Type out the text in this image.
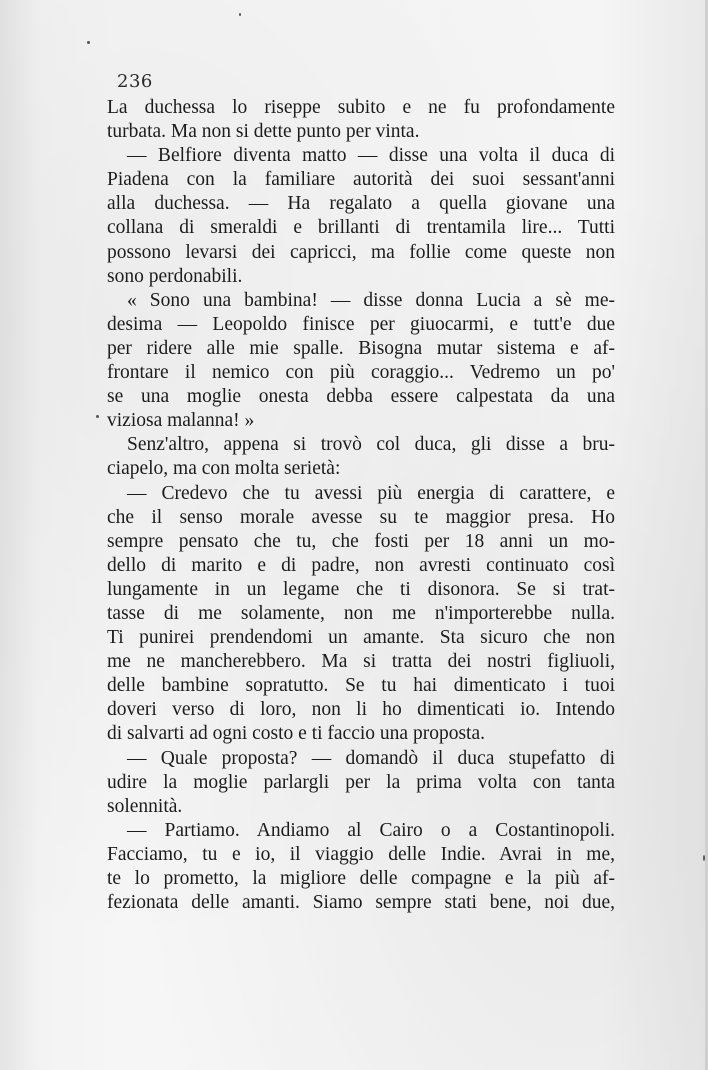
236
La duchessa lo riseppe subito e ne fu profondamente
turbata. Ma non si dette punto per vinta.
— Belfiore diventa matto — disse una volta il duca di
Piadena con la familiare autorità dei suoi sessant'anni
alla duchessa. — Ha regalato a quella giovane una
collana di smeraldi e brillanti di trentamila lire... Tutti
possono levarsi dei capricci, ma follie come queste non
sono perdonabili.
« Sono una bambina! — disse donna Lucia a sè me-
desima — Leopoldo finisce per giuocarmi, e tutt'e due
per ridere alle mie spalle. Bisogna mutar sistema e af-
frontare il nemico con più coraggio... Vedremo un po'
se una moglie onesta debba essere calpestata da una
viziosa malanna! »
Senz'altro, appena si trovò col duca, gli disse a bru-
ciapelo, ma con molta serietà:
— Credevo che tu avessi più energia di carattere, e
che il senso morale avesse su te maggior presa. Ho
sempre pensato che tu, che fosti per 18 anni un mo-
dello di marito e di padre, non avresti continuato così
lungamente in un legame che ti disonora. Se si trat-
tasse di me solamente, non me n'importerebbe nulla.
Ti punirei prendendomi un amante. Sta sicuro che non
me ne mancherebbero. Ma si tratta dei nostri figliuoli,
delle bambine sopratutto. Se tu hai dimenticato i tuoi
doveri verso di loro, non li ho dimenticati io. Intendo
di salvarti ad ogni costo e ti faccio una proposta.
— Quale proposta? — domandò il duca stupefatto di
udire la moglie parlargli per la prima volta con tanta
solennità.
— Partiamo. Andiamo al Cairo o a Costantinopoli.
Facciamo, tu e io, il viaggio delle Indie. Avrai in me,
te lo prometto, la migliore delle compagne e la più af-
fezionata delle amanti. Siamo sempre stati bene, noi due,
